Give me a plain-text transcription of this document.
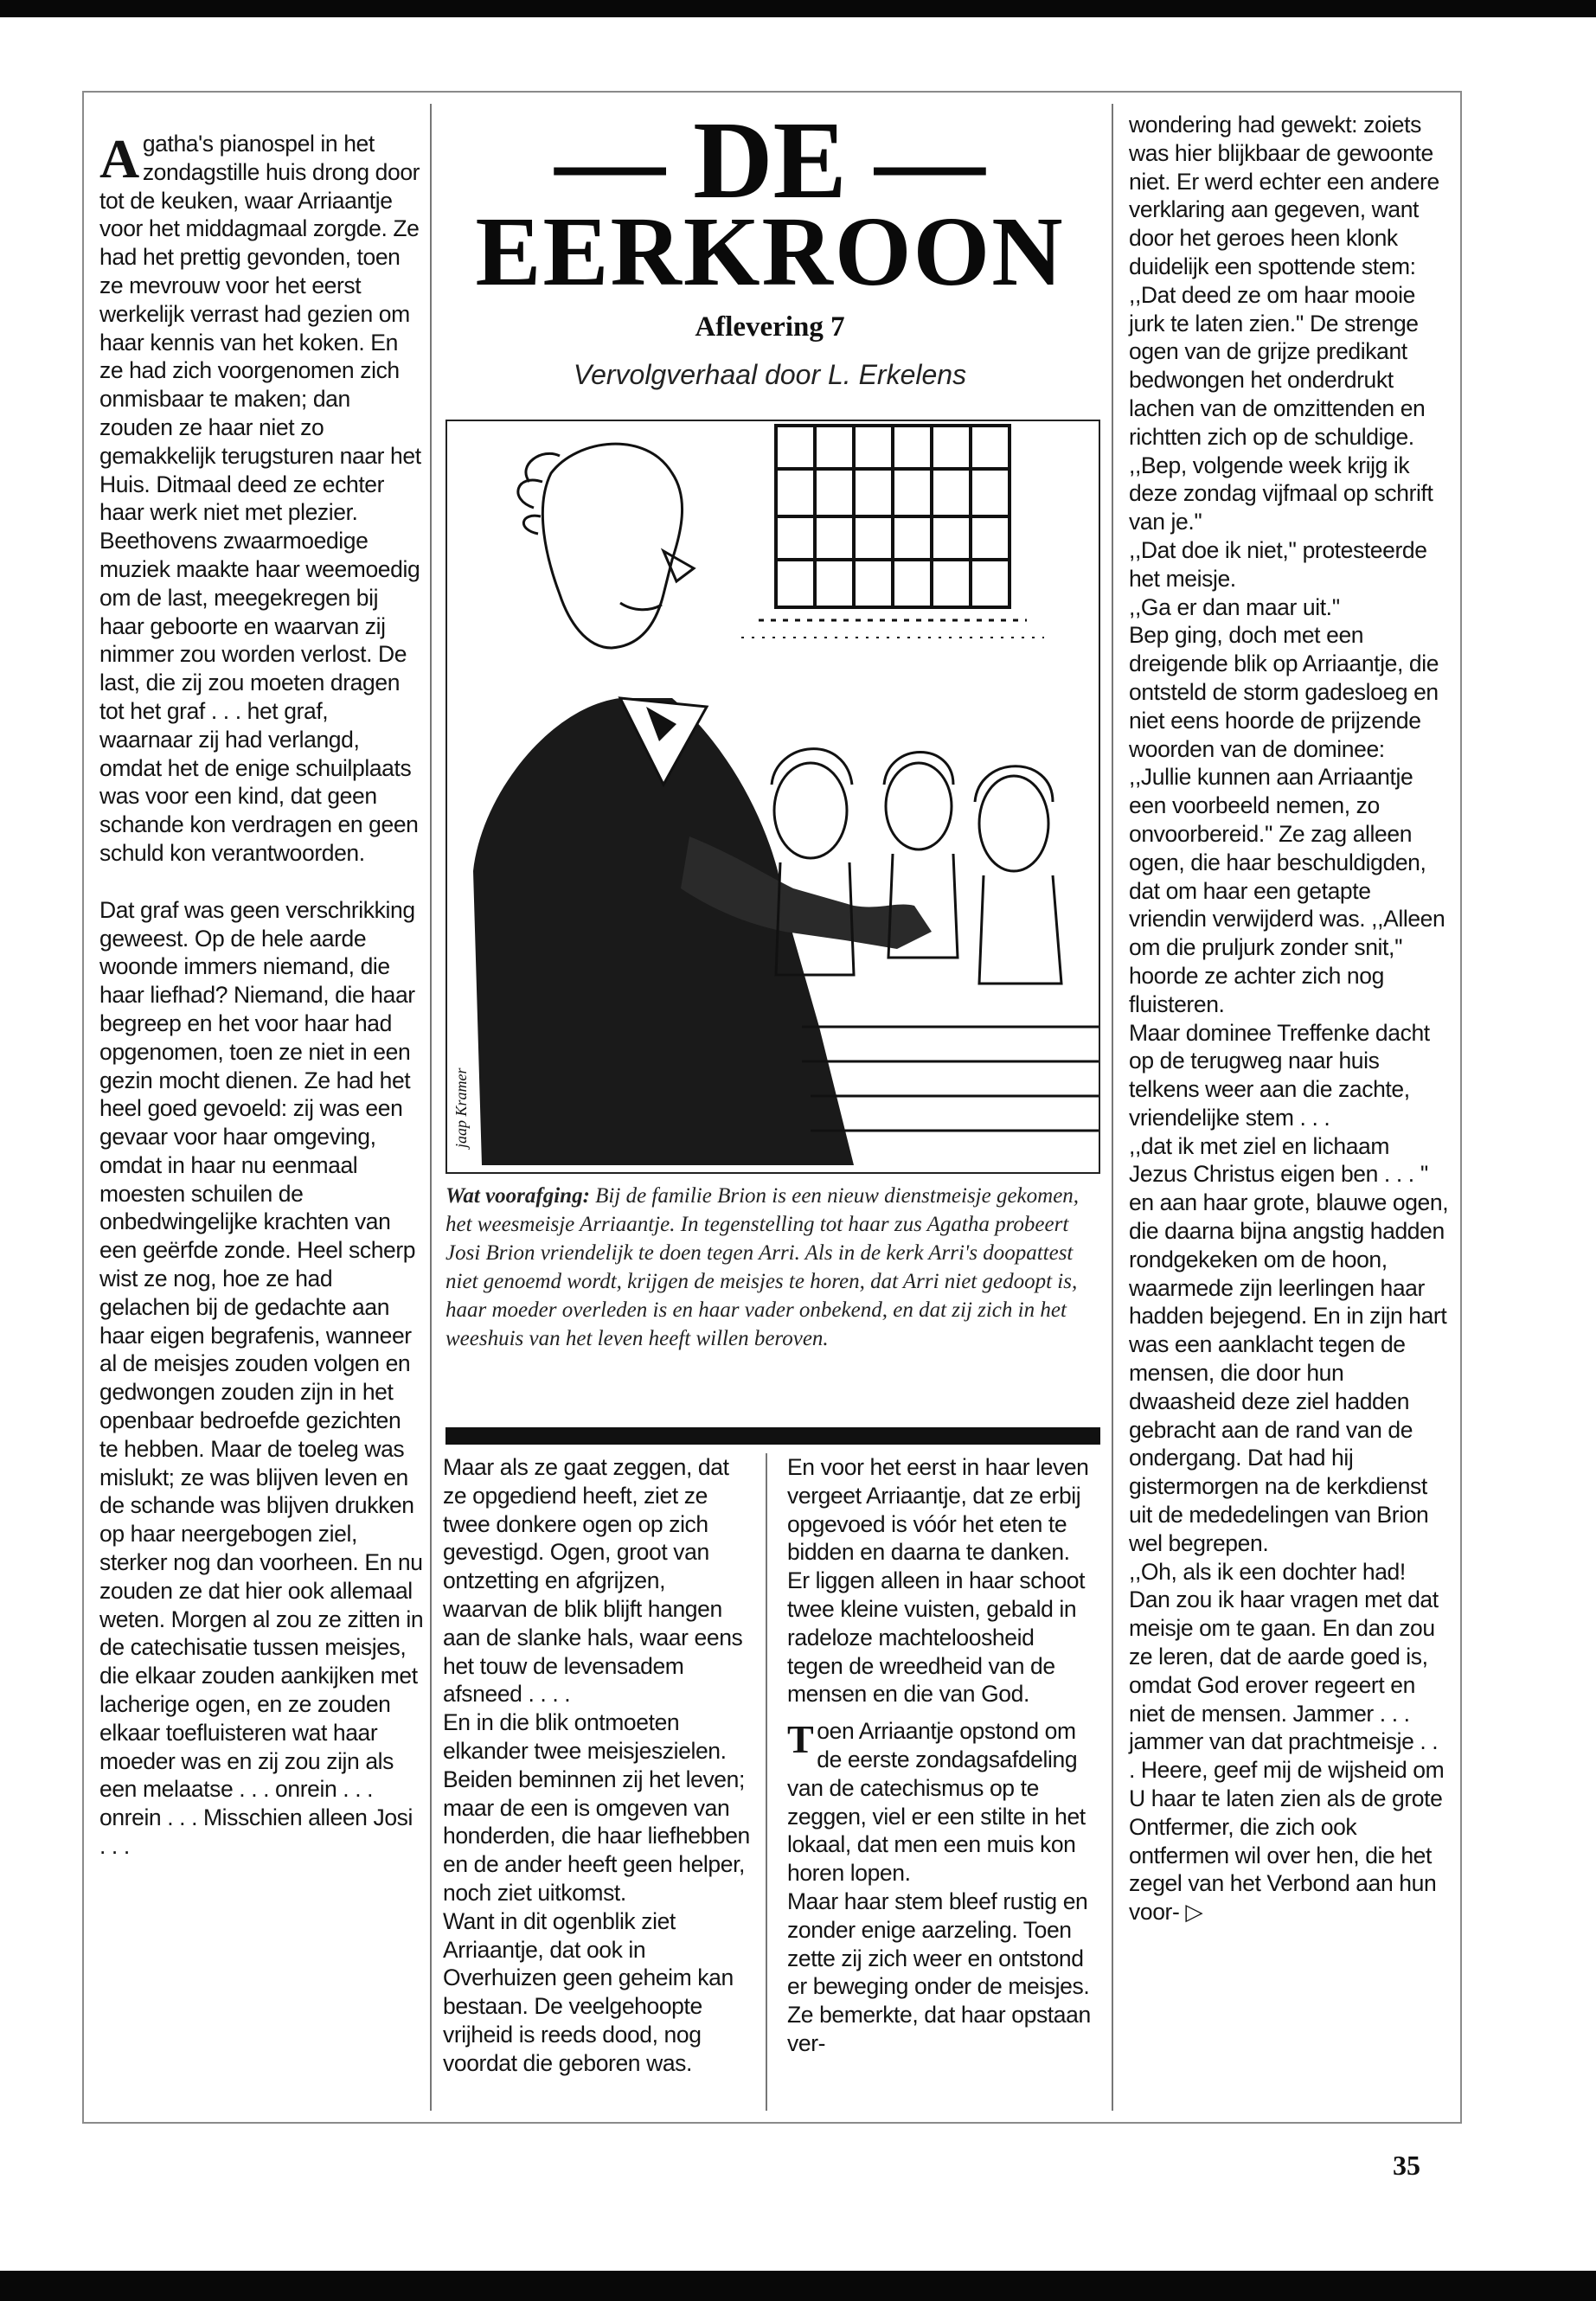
Agatha's pianospel in het zondagstille huis drong door tot de keuken, waar Arriaantje voor het middagmaal zorgde. Ze had het prettig gevonden, toen ze mevrouw voor het eerst werkelijk verrast had gezien om haar kennis van het koken. En ze had zich voorgenomen zich onmisbaar te maken; dan zouden ze haar niet zo gemakkelijk terugsturen naar het Huis. Ditmaal deed ze echter haar werk niet met plezier. Beethovens zwaarmoedige muziek maakte haar weemoedig om de last, meegekregen bij haar geboorte en waarvan zij nimmer zou worden verlost. De last, die zij zou moeten dragen tot het graf . . . het graf, waarnaar zij had verlangd, omdat het de enige schuilplaats was voor een kind, dat geen schande kon verdragen en geen schuld kon verantwoorden.

Dat graf was geen verschrikking geweest. Op de hele aarde woonde immers niemand, die haar liefhad? Niemand, die haar begreep en het voor haar had opgenomen, toen ze niet in een gezin mocht dienen. Ze had het heel goed gevoeld: zij was een gevaar voor haar omgeving, omdat in haar nu eenmaal moesten schuilen de onbedwingelijke krachten van een geërfde zonde. Heel scherp wist ze nog, hoe ze had gelachen bij de gedachte aan haar eigen begrafenis, wanneer al de meisjes zouden volgen en gedwongen zouden zijn in het openbaar bedroefde gezichten te hebben. Maar de toeleg was mislukt; ze was blijven leven en de schande was blijven drukken op haar neergebogen ziel, sterker nog dan voorheen. En nu zouden ze dat hier ook allemaal weten. Morgen al zou ze zitten in de catechisatie tussen meisjes, die elkaar zouden aankijken met lacherige ogen, en ze zouden elkaar toefluisteren wat haar moeder was en zij zou zijn als een melaatse . . . onrein . . . onrein . . . Misschien alleen Josi . . .

— DE —
EERKROON
Aflevering 7
Vervolgverhaal door L. Erkelens
jaap Kramer
Wat voorafging: Bij de familie Brion is een nieuw dienstmeisje gekomen, het weesmeisje Arriaantje. In tegenstelling tot haar zus Agatha probeert Josi Brion vriendelijk te doen tegen Arri. Als in de kerk Arri's doopattest niet genoemd wordt, krijgen de meisjes te horen, dat Arri niet gedoopt is, haar moeder overleden is en haar vader onbekend, en dat zij zich in het weeshuis van het leven heeft willen beroven.

Maar als ze gaat zeggen, dat ze opgediend heeft, ziet ze twee donkere ogen op zich gevestigd. Ogen, groot van ontzetting en afgrijzen, waarvan de blik blijft hangen aan de slanke hals, waar eens het touw de levensadem afsneed . . . .

En in die blik ontmoeten elkander twee meisjeszielen. Beiden beminnen zij het leven; maar de een is omgeven van honderden, die haar liefhebben en de ander heeft geen helper, noch ziet uitkomst.

Want in dit ogenblik ziet Arriaantje, dat ook in Overhuizen geen geheim kan bestaan. De veelgehoopte vrijheid is reeds dood, nog voordat die geboren was.

En voor het eerst in haar leven vergeet Arriaantje, dat ze erbij opgevoed is vóór het eten te bidden en daarna te danken. Er liggen alleen in haar schoot twee kleine vuisten, gebald in radeloze machteloosheid tegen de wreedheid van de mensen en die van God.

Toen Arriaantje opstond om de eerste zondagsafdeling van de catechismus op te zeggen, viel er een stilte in het lokaal, dat men een muis kon horen lopen.

Maar haar stem bleef rustig en zonder enige aarzeling. Toen zette zij zich weer en ontstond er beweging onder de meisjes. Ze bemerkte, dat haar opstaan ver-

wondering had gewekt: zoiets was hier blijkbaar de gewoonte niet. Er werd echter een andere verklaring aan gegeven, want door het geroes heen klonk duidelijk een spottende stem:

,,Dat deed ze om haar mooie jurk te laten zien.'' De strenge ogen van de grijze predikant bedwongen het onderdrukt lachen van de omzittenden en richtten zich op de schuldige. ,,Bep, volgende week krijg ik deze zondag vijfmaal op schrift van je.''

,,Dat doe ik niet,'' protesteerde het meisje.

,,Ga er dan maar uit.''

Bep ging, doch met een dreigende blik op Arriaantje, die ontsteld de storm gadesloeg en niet eens hoorde de prijzende woorden van de dominee: ,,Jullie kunnen aan Arriaantje een voorbeeld nemen, zo onvoorbereid.'' Ze zag alleen ogen, die haar beschuldigden, dat om haar een getapte vriendin verwijderd was. ,,Alleen om die pruljurk zonder snit,'' hoorde ze achter zich nog fluisteren.

Maar dominee Treffenke dacht op de terugweg naar huis telkens weer aan die zachte, vriendelijke stem . . .

,,dat ik met ziel en lichaam Jezus Christus eigen ben . . . '' en aan haar grote, blauwe ogen, die daarna bijna angstig hadden rondgekeken om de hoon, waarmede zijn leerlingen haar hadden bejegend. En in zijn hart was een aanklacht tegen de mensen, die door hun dwaasheid deze ziel hadden gebracht aan de rand van de ondergang. Dat had hij gistermorgen na de kerkdienst uit de mededelingen van Brion wel begrepen.

,,Oh, als ik een dochter had! Dan zou ik haar vragen met dat meisje om te gaan. En dan zou ze leren, dat de aarde goed is, omdat God erover regeert en niet de mensen. Jammer . . . jammer van dat prachtmeisje . . . Heere, geef mij de wijsheid om U haar te laten zien als de grote Ontfermer, die zich ook ontfermen wil over hen, die het zegel van het Verbond aan hun voor- ▷

35
